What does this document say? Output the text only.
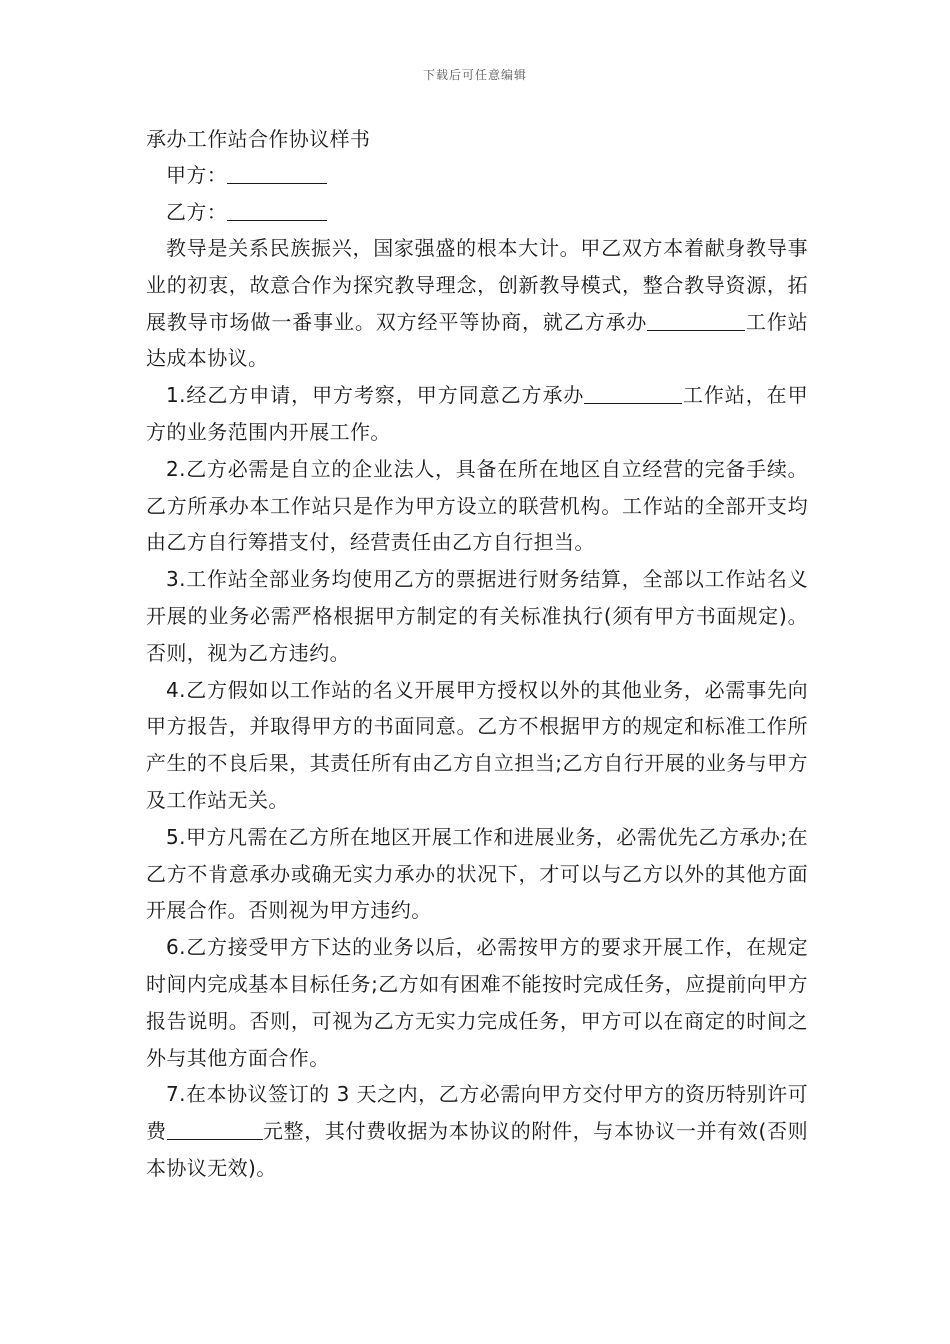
下载后可任意编辑
承办工作站合作协议样书
甲方：
乙方：

教导是关系民族振兴，国家强盛的根本大计。甲乙双方本着献身教导事业的初衷，故意合作为探究教导理念，创新教导模式，整合教导资源，拓展教导市场做一番事业。双方经平等协商，就乙方承办	工作站达成本协议。

1.经乙方申请，甲方考察，甲方同意乙方承办	工作站，在甲方的业务范围内开展工作。

2.乙方必需是自立的企业法人，具备在所在地区自立经营的完备手续。乙方所承办本工作站只是作为甲方设立的联营机构。工作站的全部开支均由乙方自行筹措支付，经营责任由乙方自行担当。

3.工作站全部业务均使用乙方的票据进行财务结算，全部以工作站名义开展的业务必需严格根据甲方制定的有关标准执行(须有甲方书面规定)。否则，视为乙方违约。

4.乙方假如以工作站的名义开展甲方授权以外的其他业务，必需事先向甲方报告，并取得甲方的书面同意。乙方不根据甲方的规定和标准工作所产生的不良后果，其责任所有由乙方自立担当;乙方自行开展的业务与甲方及工作站无关。

5.甲方凡需在乙方所在地区开展工作和进展业务，必需优先乙方承办;在乙方不肯意承办或确无实力承办的状况下，才可以与乙方以外的其他方面开展合作。否则视为甲方违约。

6.乙方接受甲方下达的业务以后，必需按甲方的要求开展工作，在规定时间内完成基本目标任务;乙方如有困难不能按时完成任务，应提前向甲方报告说明。否则，可视为乙方无实力完成任务，甲方可以在商定的时间之外与其他方面合作。

7.在本协议签订的 3 天之内，乙方必需向甲方交付甲方的资历特别许可费	元整，其付费收据为本协议的附件，与本协议一并有效(否则本协议无效)。
